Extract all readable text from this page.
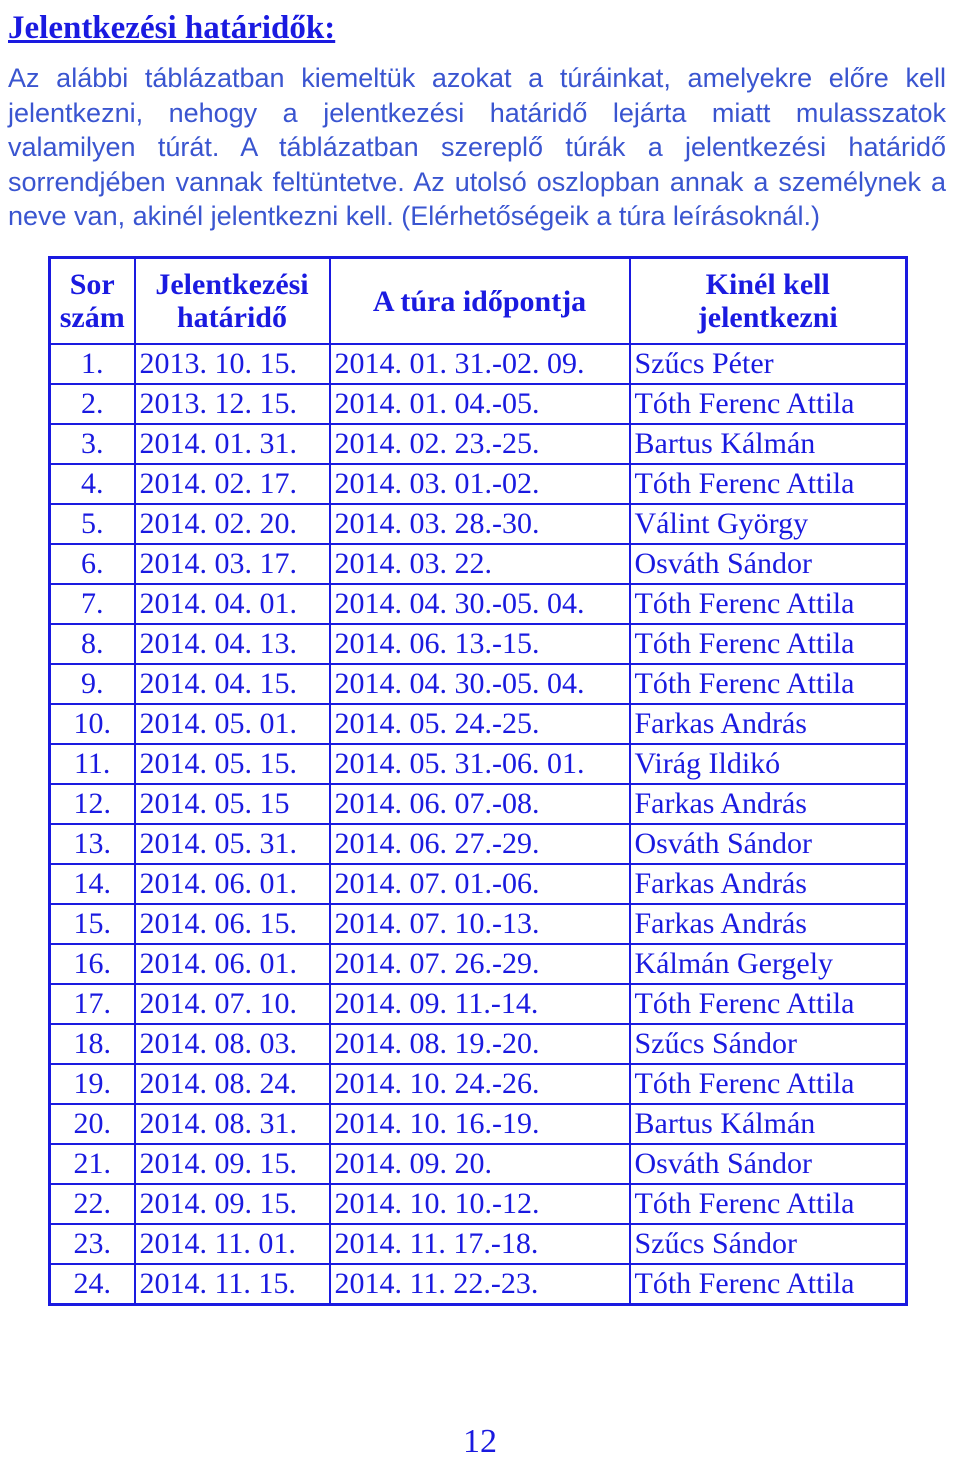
Jelentkezési határidők:

Az alábbi táblázatban kiemeltük azokat a túráinkat, amelyekre előre kell jelentkezni, nehogy a jelentkezési határidő lejárta miatt mulasszatok valamilyen túrát. A táblázatban szereplő túrák a jelentkezési határidő sorrendjében vannak feltüntetve. Az utolsó oszlopban annak a személynek a neve van, akinél jelentkezni kell. (Elérhetőségeik a túra leírásoknál.)

Sor szám	Jelentkezési határidő	A túra időpontja	Kinél kell jelentkezni
1.	2013. 10. 15.	2014. 01. 31.-02. 09.	Szűcs Péter
2.	2013. 12. 15.	2014. 01. 04.-05.	Tóth Ferenc Attila
3.	2014. 01. 31.	2014. 02. 23.-25.	Bartus Kálmán
4.	2014. 02. 17.	2014. 03. 01.-02.	Tóth Ferenc Attila
5.	2014. 02. 20.	2014. 03. 28.-30.	Válint György
6.	2014. 03. 17.	2014. 03. 22.	Osváth Sándor
7.	2014. 04. 01.	2014. 04. 30.-05. 04.	Tóth Ferenc Attila
8.	2014. 04. 13.	2014. 06. 13.-15.	Tóth Ferenc Attila
9.	2014. 04. 15.	2014. 04. 30.-05. 04.	Tóth Ferenc Attila
10.	2014. 05. 01.	2014. 05. 24.-25.	Farkas András
11.	2014. 05. 15.	2014. 05. 31.-06. 01.	Virág Ildikó
12.	2014. 05. 15	2014. 06. 07.-08.	Farkas András
13.	2014. 05. 31.	2014. 06. 27.-29.	Osváth Sándor
14.	2014. 06. 01.	2014. 07. 01.-06.	Farkas András
15.	2014. 06. 15.	2014. 07. 10.-13.	Farkas András
16.	2014. 06. 01.	2014. 07. 26.-29.	Kálmán Gergely
17.	2014. 07. 10.	2014. 09. 11.-14.	Tóth Ferenc Attila
18.	2014. 08. 03.	2014. 08. 19.-20.	Szűcs Sándor
19.	2014. 08. 24.	2014. 10. 24.-26.	Tóth Ferenc Attila
20.	2014. 08. 31.	2014. 10. 16.-19.	Bartus Kálmán
21.	2014. 09. 15.	2014. 09. 20.	Osváth Sándor
22.	2014. 09. 15.	2014. 10. 10.-12.	Tóth Ferenc Attila
23.	2014. 11. 01.	2014. 11. 17.-18.	Szűcs Sándor
24.	2014. 11. 15.	2014. 11. 22.-23.	Tóth Ferenc Attila
12
